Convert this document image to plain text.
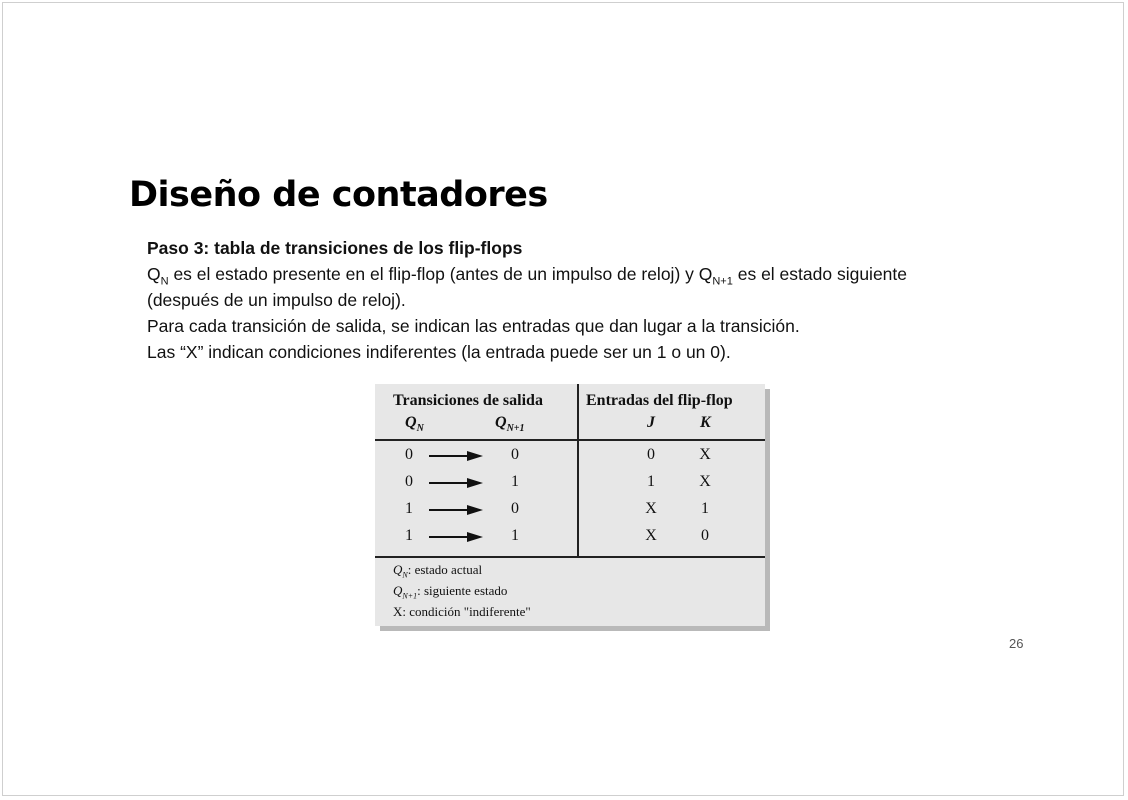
Diseño de contadores
Paso 3: tabla de transiciones de los flip-flops
$Q_N$ es el estado presente en el flip-flop (antes de un impulso de reloj) y $Q_{N+1}$ es el estado siguiente
(después de un impulso de reloj).
Para cada transición de salida, se indican las entradas que dan lugar a la transición.
Las “X” indican condiciones indiferentes (la entrada puede ser un 1 o un 0).
Transiciones de salida	Entradas del flip-flop
$Q_N$	$Q_{N+1}$	J	K
0	0	0	X
0	1	1	X
1	0	X	1
1	1	X	0
$Q_N$: estado actual
$Q_{N+1}$: siguiente estado
X: condición "indiferente"
26
